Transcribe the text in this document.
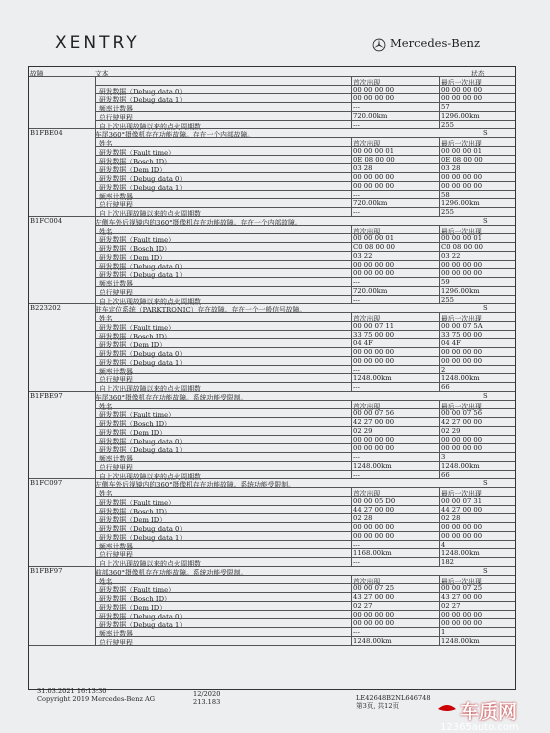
XENTRY	Mercedes-Benz
故障	文本	状态
首次出现	最后一次出现
研发数据（Debug data 0）	00 00 00 00	00 00 00 00
研发数据（Debug data 1）	00 00 00 00	00 00 00 00
频率计数器	---	57
总行驶里程	720.00km	1296.00km
自上次出现故障以来的点火周期数	---	255
B1FBE04	车尾360°摄像机存在功能故障。存在一个内部故障。	S
姓名	首次出现	最后一次出现
研发数据（Fault time）	00 00 00 01	00 00 00 01
研发数据（Bosch ID）	0E 08 00 00	0E 08 00 00
研发数据（Dem ID）	03 28	03 28
研发数据（Debug data 0）	00 00 00 00	00 00 00 00
研发数据（Debug data 1）	00 00 00 00	00 00 00 00
频率计数器	---	58
总行驶里程	720.00km	1296.00km
自上次出现故障以来的点火周期数	---	255
B1FC004	左侧车外后视镜内的360°摄像机存在功能故障。存在一个内部故障。	S
姓名	首次出现	最后一次出现
研发数据（Fault time）	00 00 00 01	00 00 00 01
研发数据（Bosch ID）	C0 08 00 00	C0 08 00 00
研发数据（Dem ID）	03 22	03 22
研发数据（Debug data 0）	00 00 00 00	00 00 00 00
研发数据（Debug data 1）	00 00 00 00	00 00 00 00
频率计数器	---	59
总行驶里程	720.00km	1296.00km
自上次出现故障以来的点火周期数	---	255
B223202	驻车定位系统（PARKTRONIC）存在故障。存在一个一般信号故障。	S
姓名	首次出现	最后一次出现
研发数据（Fault time）	00 00 07 11	00 00 07 5A
研发数据（Bosch ID）	33 75 00 00	33 75 00 00
研发数据（Dem ID）	04 4F	04 4F
研发数据（Debug data 0）	00 00 00 00	00 00 00 00
研发数据（Debug data 1）	00 00 00 00	00 00 00 00
频率计数器	---	2
总行驶里程	1248.00km	1248.00km
自上次出现故障以来的点火周期数	---	66
B1FBE97	车尾360°摄像机存在功能故障。系统功能受限制。	S
姓名	首次出现	最后一次出现
研发数据（Fault time）	00 00 07 56	00 00 07 56
研发数据（Bosch ID）	42 27 00 00	42 27 00 00
研发数据（Dem ID）	02 29	02 29
研发数据（Debug data 0）	00 00 00 00	00 00 00 00
研发数据（Debug data 1）	00 00 00 00	00 00 00 00
频率计数器	---	3
总行驶里程	1248.00km	1248.00km
自上次出现故障以来的点火周期数	---	66
B1FC097	左侧车外后视镜内的360°摄像机存在功能故障。系统功能受限制。	S
姓名	首次出现	最后一次出现
研发数据（Fault time）	00 00 05 D0	00 00 07 31
研发数据（Bosch ID）	44 27 00 00	44 27 00 00
研发数据（Dem ID）	02 28	02 28
研发数据（Debug data 0）	00 00 00 00	00 00 00 00
研发数据（Debug data 1）	00 00 00 00	00 00 00 00
频率计数器	---	4
总行驶里程	1168.00km	1248.00km
自上次出现故障以来的点火周期数	---	182
B1FBF97	前部360°摄像机存在功能故障。系统功能受限制。	S
姓名	首次出现	最后一次出现
研发数据（Fault time）	00 00 07 25	00 00 07 25
研发数据（Bosch ID）	43 27 00 00	43 27 00 00
研发数据（Dem ID）	02 27	02 27
研发数据（Debug data 0）	00 00 00 00	00 00 00 00
研发数据（Debug data 1）	00 00 00 00	00 00 00 00
频率计数器	---	1
总行驶里程	1248.00km	1248.00km
31.03.2021 16:13:30
Copyright 2019 Mercedes-Benz AG
12/2020
213.183	LE42648B2NL646748
第3页, 共12页	车质网
12365auto.com
